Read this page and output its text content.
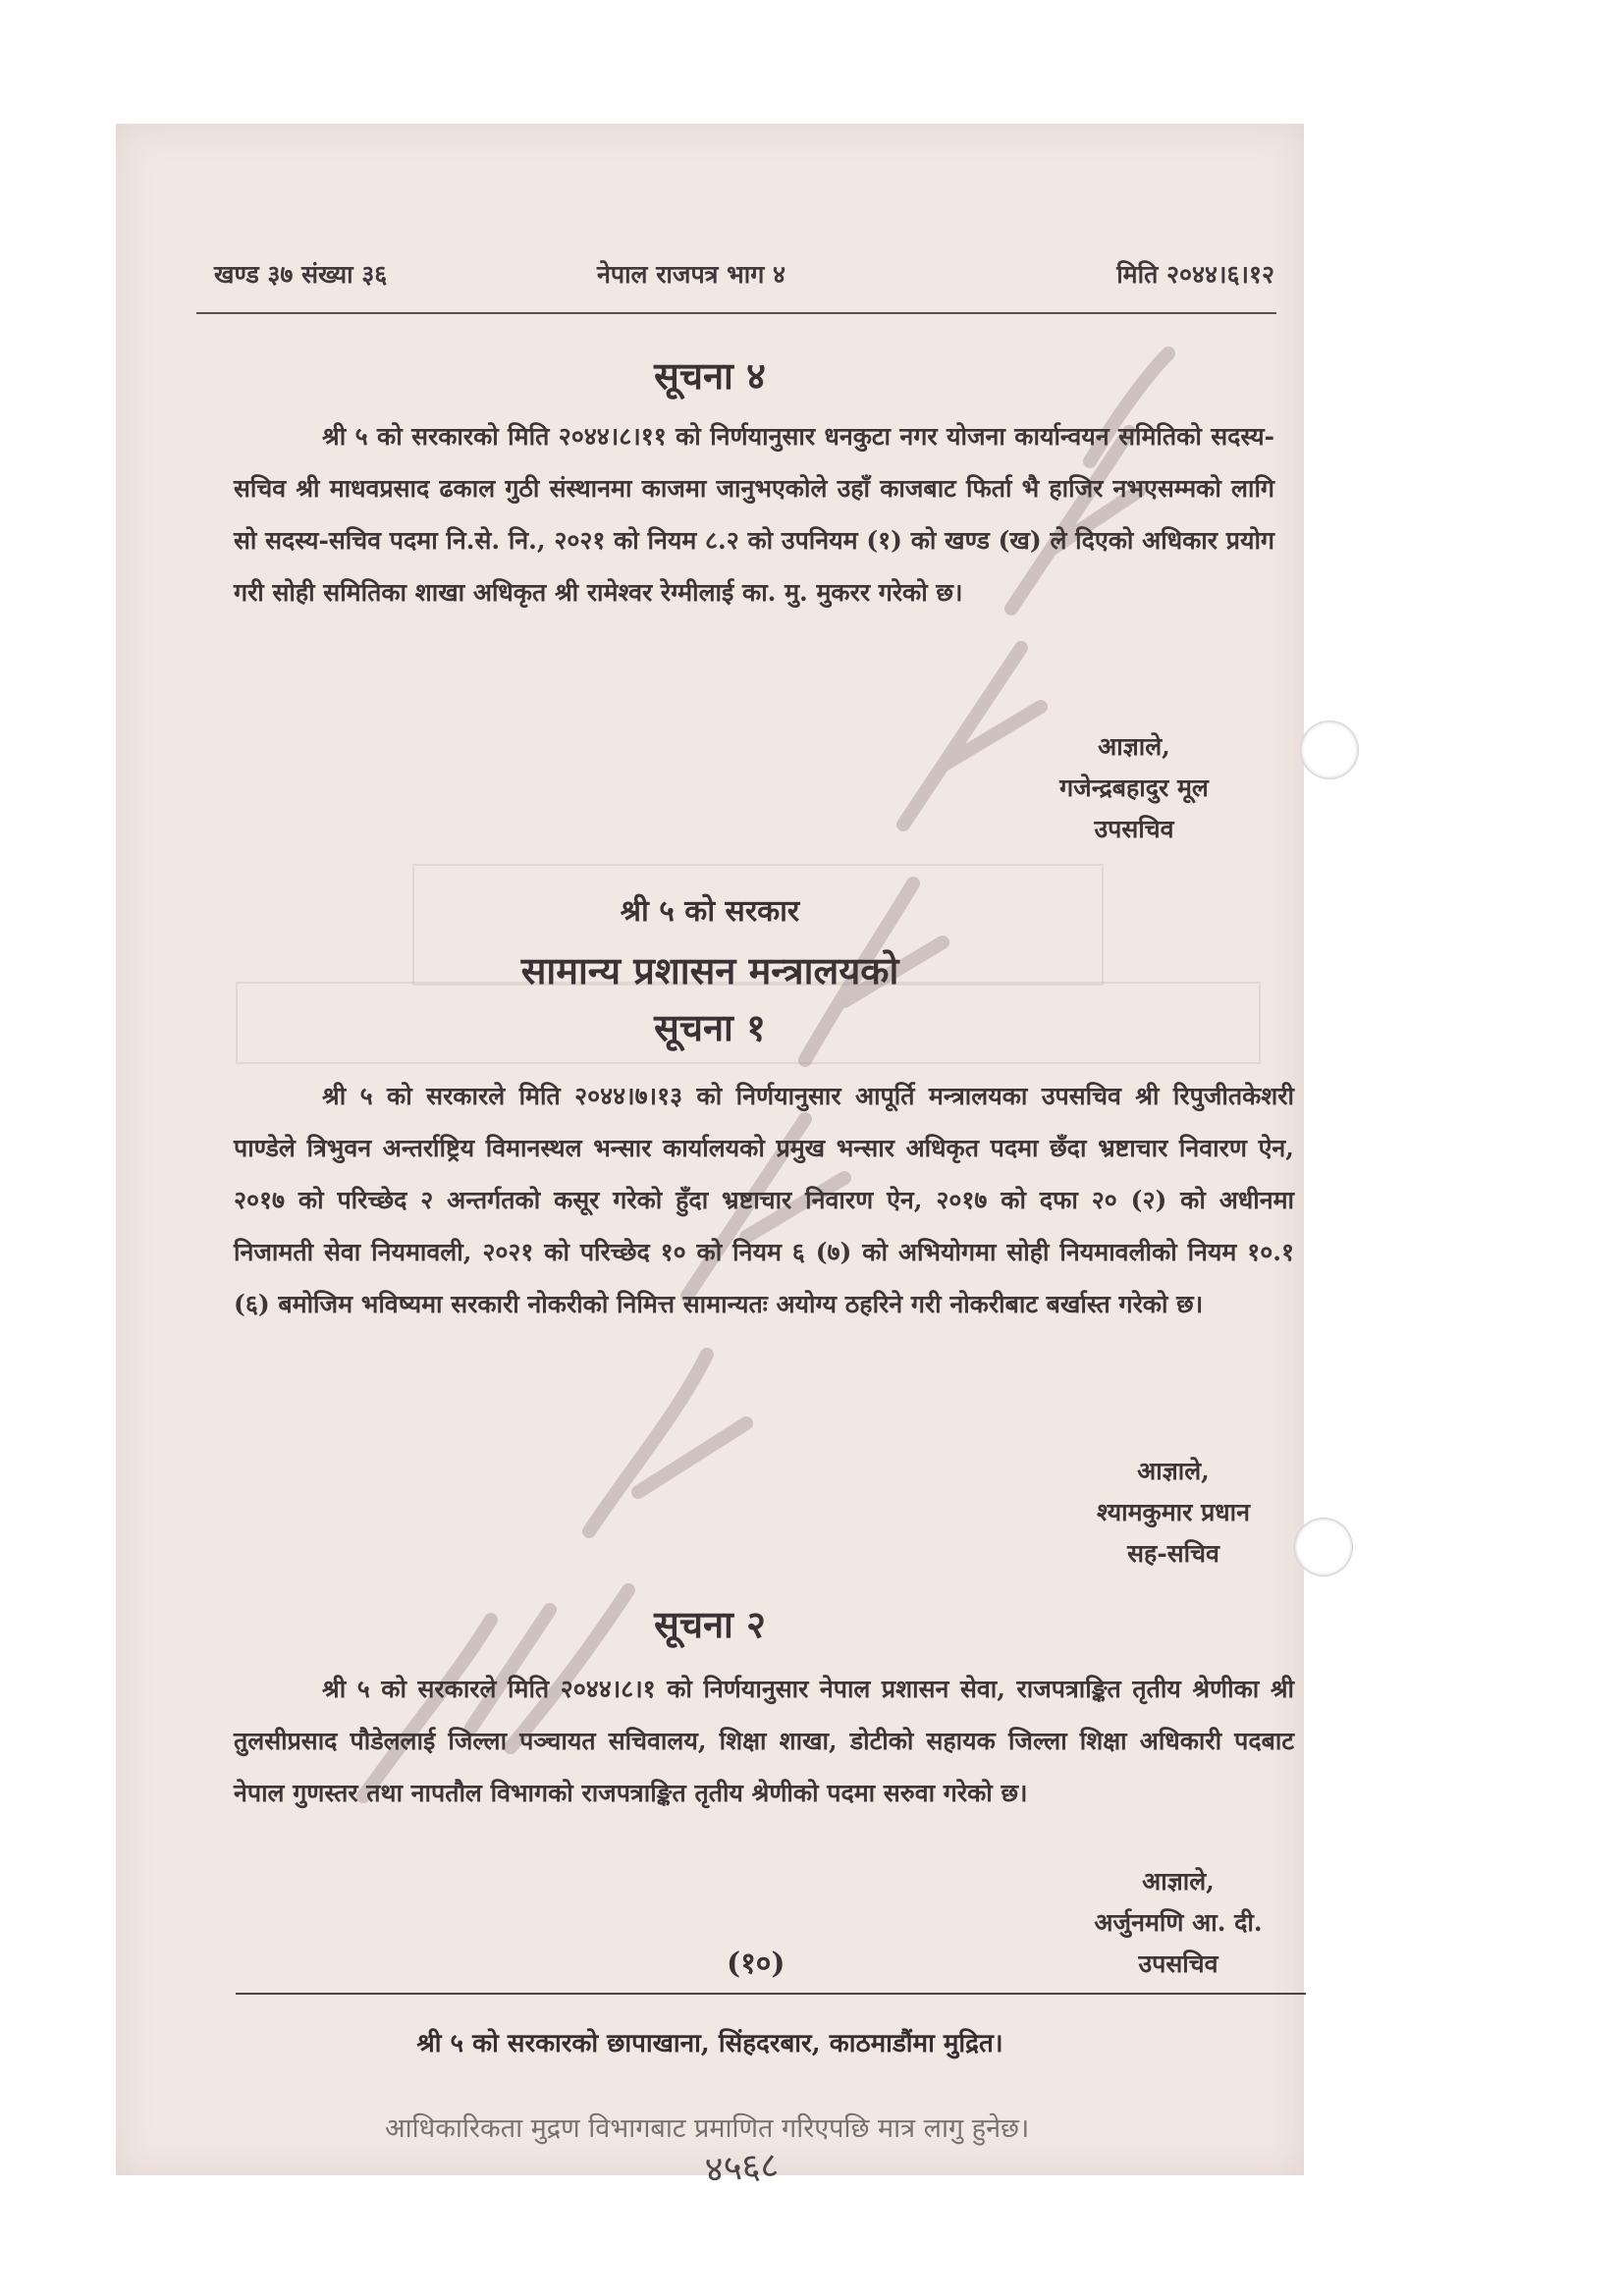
खण्ड ३७ संख्या ३६	नेपाल राजपत्र भाग ४	मिति २०४४।६।१२
सूचना ४

श्री ५ को सरकारको मिति २०४४।८।११ को निर्णयानुसार धनकुटा नगर योजना कार्यान्वयन समितिको सदस्य-सचिव श्री माधवप्रसाद ढकाल गुठी संस्थानमा काजमा जानुभएकोले उहाँ काजबाट फिर्ता भै हाजिर नभएसम्मको लागि सो सदस्य-सचिव पदमा नि.से. नि., २०२१ को नियम ८.२ को उपनियम (१) को खण्ड (ख) ले दिएको अधिकार प्रयोग गरी सोही समितिका शाखा अधिकृत श्री रामेश्वर रेग्मीलाई का. मु. मुकरर गरेको छ।

आज्ञाले,
गजेन्द्रबहादुर मूल
उपसचिव
श्री ५ को सरकार
सामान्य प्रशासन मन्त्रालयको
सूचना १

श्री ५ को सरकारले मिति २०४४।७।१३ को निर्णयानुसार आपूर्ति मन्त्रालयका उपसचिव श्री रिपुजीतकेशरी पाण्डेले त्रिभुवन अन्तर्राष्ट्रिय विमानस्थल भन्सार कार्यालयको प्रमुख भन्सार अधिकृत पदमा छँदा भ्रष्टाचार निवारण ऐन, २०१७ को परिच्छेद २ अन्तर्गतको कसूर गरेको हुँदा भ्रष्टाचार निवारण ऐन, २०१७ को दफा २० (२) को अधीनमा निजामती सेवा नियमावली, २०२१ को परिच्छेद १० को नियम ६ (७) को अभियोगमा सोही नियमावलीको नियम १०.१ (६) बमोजिम भविष्यमा सरकारी नोकरीको निमित्त सामान्यतः अयोग्य ठहरिने गरी नोकरीबाट बर्खास्त गरेको छ।

आज्ञाले,
श्यामकुमार प्रधान
सह-सचिव
सूचना २

श्री ५ को सरकारले मिति २०४४।८।१ को निर्णयानुसार नेपाल प्रशासन सेवा, राजपत्राङ्कित तृतीय श्रेणीका श्री तुलसीप्रसाद पौडेललाई जिल्ला पञ्चायत सचिवालय, शिक्षा शाखा, डोटीको सहायक जिल्ला शिक्षा अधिकारी पदबाट नेपाल गुणस्तर तथा नापतौल विभागको राजपत्राङ्कित तृतीय श्रेणीको पदमा सरुवा गरेको छ।

आज्ञाले,
अर्जुनमणि आ. दी.
उपसचिव
(१०)
श्री ५ को सरकारको छापाखाना, सिंहदरबार, काठमाडौंमा मुद्रित।
आधिकारिकता मुद्रण विभागबाट प्रमाणित गरिएपछि मात्र लागु हुनेछ।
४५६८
